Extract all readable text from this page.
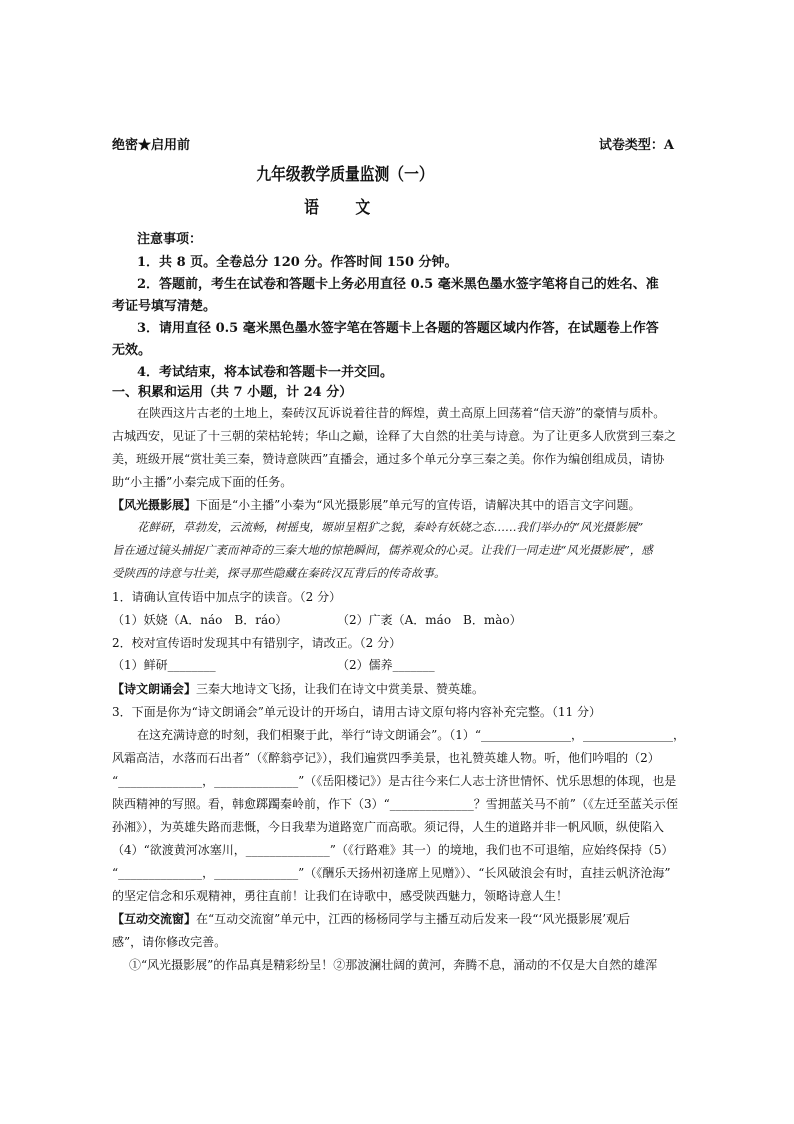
绝密★启用前	试卷类型：A
九年级教学质量监测（一）
语 文
注意事项：
1．共 8 页。全卷总分 120 分。作答时间 150 分钟。
2．答题前，考生在试卷和答题卡上务必用直径 0.5 毫米黑色墨水签字笔将自己的姓名、准
考证号填写清楚。
3．请用直径 0.5 毫米黑色墨水签字笔在答题卡上各题的答题区域内作答，在试题卷上作答
无效。
4．考试结束，将本试卷和答题卡一并交回。
一、积累和运用（共 7 小题，计 24 分）
在陕西这片古老的土地上，秦砖汉瓦诉说着往昔的辉煌，黄土高原上回荡着“信天游”的豪情与质朴。
古城西安，见证了十三朝的荣枯轮转；华山之巅，诠释了大自然的壮美与诗意。为了让更多人欣赏到三秦之
美，班级开展“赏壮美三秦，赞诗意陕西”直播会，通过多个单元分享三秦之美。你作为编创组成员，请协
助“小主播”小秦完成下面的任务。
【风光摄影展】下面是“小主播”小秦为“风光摄影展”单元写的宣传语，请解决其中的语言文字问题。
花鲜研，草勃发，云流畅，树摇曳，塬峁呈粗犷之貌，秦岭有妖娆之态……我们举办的“风光摄影展”
旨在通过镜头捕捉广袤而神奇的三秦大地的惊艳瞬间，儒养观众的心灵。让我们一同走进“风光摄影展”，感
受陕西的诗意与壮美，探寻那些隐藏在秦砖汉瓦背后的传奇故事。
1．请确认宣传语中加点字的读音。（2 分）
（1）妖娆（A．náo　B．ráo）	（2）广袤（A．máo　B．mào）
2．校对宣传语时发现其中有错别字，请改正。（2 分）
（1）鲜研________	（2）儒养_______
【诗文朗诵会】三秦大地诗文飞扬，让我们在诗文中赏美景、赞英雄。
3．下面是你为“诗文朗诵会”单元设计的开场白，请用古诗文原句将内容补充完整。（11 分）
在这充满诗意的时刻，我们相聚于此，举行“诗文朗诵会”。（1）“_______________，_______________，
风霜高洁，水落而石出者”（《醉翁亭记》），我们遍赏四季美景，也礼赞英雄人物。听，他们吟唱的（2）
“______________，______________”（《岳阳楼记》）是古往今来仁人志士济世情怀、忧乐思想的体现，也是
陕西精神的写照。看，韩愈踯躅秦岭前，作下（3）“______________？雪拥蓝关马不前”（《左迁至蓝关示侄
孙湘》），为英雄失路而悲慨，今日我辈为道路宽广而高歌。须记得，人生的道路并非一帆风顺，纵使陷入
（4）“欲渡黄河冰塞川，______________”（《行路难》其一）的境地，我们也不可退缩，应始终保持（5）
“______________，______________”（《酬乐天扬州初逢席上见赠》）、“长风破浪会有时，直挂云帆济沧海”
的坚定信念和乐观精神，勇往直前！让我们在诗歌中，感受陕西魅力，领略诗意人生！
【互动交流窗】在“互动交流窗”单元中，江西的杨杨同学与主播互动后发来一段“‘风光摄影展’观后
感”，请你修改完善。
①“风光摄影展”的作品真是精彩纷呈！②那波澜壮阔的黄河，奔腾不息，涌动的不仅是大自然的雄浑
